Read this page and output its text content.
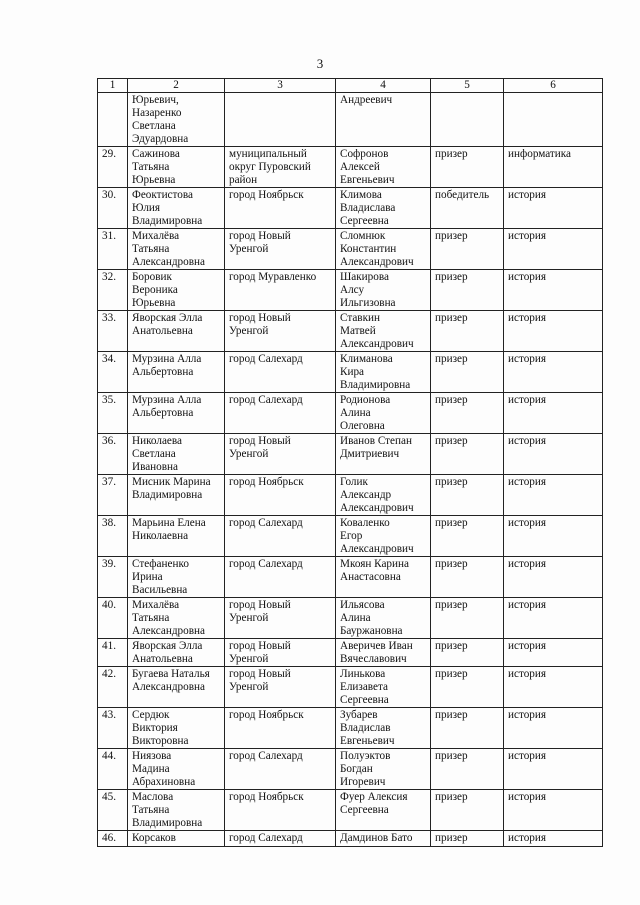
3
1	2	3	4	5	6
	Юрьевич,
Назаренко
Светлана
Эдуардовна		Андреевич		
29.	Сажинова
Татьяна
Юрьевна	муниципальный
округ Пуровский
район	Софронов
Алексей
Евгеньевич	призер	информатика
30.	Феоктистова
Юлия
Владимировна	город Ноябрьск	Климова
Владислава
Сергеевна	победитель	история
31.	Михалёва
Татьяна
Александровна	город Новый
Уренгой	Сломнюк
Константин
Александрович	призер	история
32.	Боровик
Вероника
Юрьевна	город Муравленко	Шакирова
Алсу
Ильгизовна	призер	история
33.	Яворская Элла
Анатольевна	город Новый
Уренгой	Ставкин
Матвей
Александрович	призер	история
34.	Мурзина Алла
Альбертовна	город Салехард	Климанова
Кира
Владимировна	призер	история
35.	Мурзина Алла
Альбертовна	город Салехард	Родионова
Алина
Олеговна	призер	история
36.	Николаева
Светлана
Ивановна	город Новый
Уренгой	Иванов Степан
Дмитриевич	призер	история
37.	Мисник Марина
Владимировна	город Ноябрьск	Голик
Александр
Александрович	призер	история
38.	Марьина Елена
Николаевна	город Салехард	Коваленко
Егор
Александрович	призер	история
39.	Стефаненко
Ирина
Васильевна	город Салехард	Мкоян Карина
Анастасовна	призер	история
40.	Михалёва
Татьяна
Александровна	город Новый
Уренгой	Ильясова
Алина
Бауржановна	призер	история
41.	Яворская Элла
Анатольевна	город Новый
Уренгой	Аверичев Иван
Вячеславович	призер	история
42.	Бугаева Наталья
Александровна	город Новый
Уренгой	Линькова
Елизавета
Сергеевна	призер	история
43.	Сердюк
Виктория
Викторовна	город Ноябрьск	Зубарев
Владислав
Евгеньевич	призер	история
44.	Ниязова
Мадина
Абрахиновна	город Салехард	Полуэктов
Богдан
Игоревич	призер	история
45.	Маслова
Татьяна
Владимировна	город Ноябрьск	Фуер Алексия
Сергеевна	призер	история
46.	Корсаков	город Салехард	Дамдинов Бато	призер	история
